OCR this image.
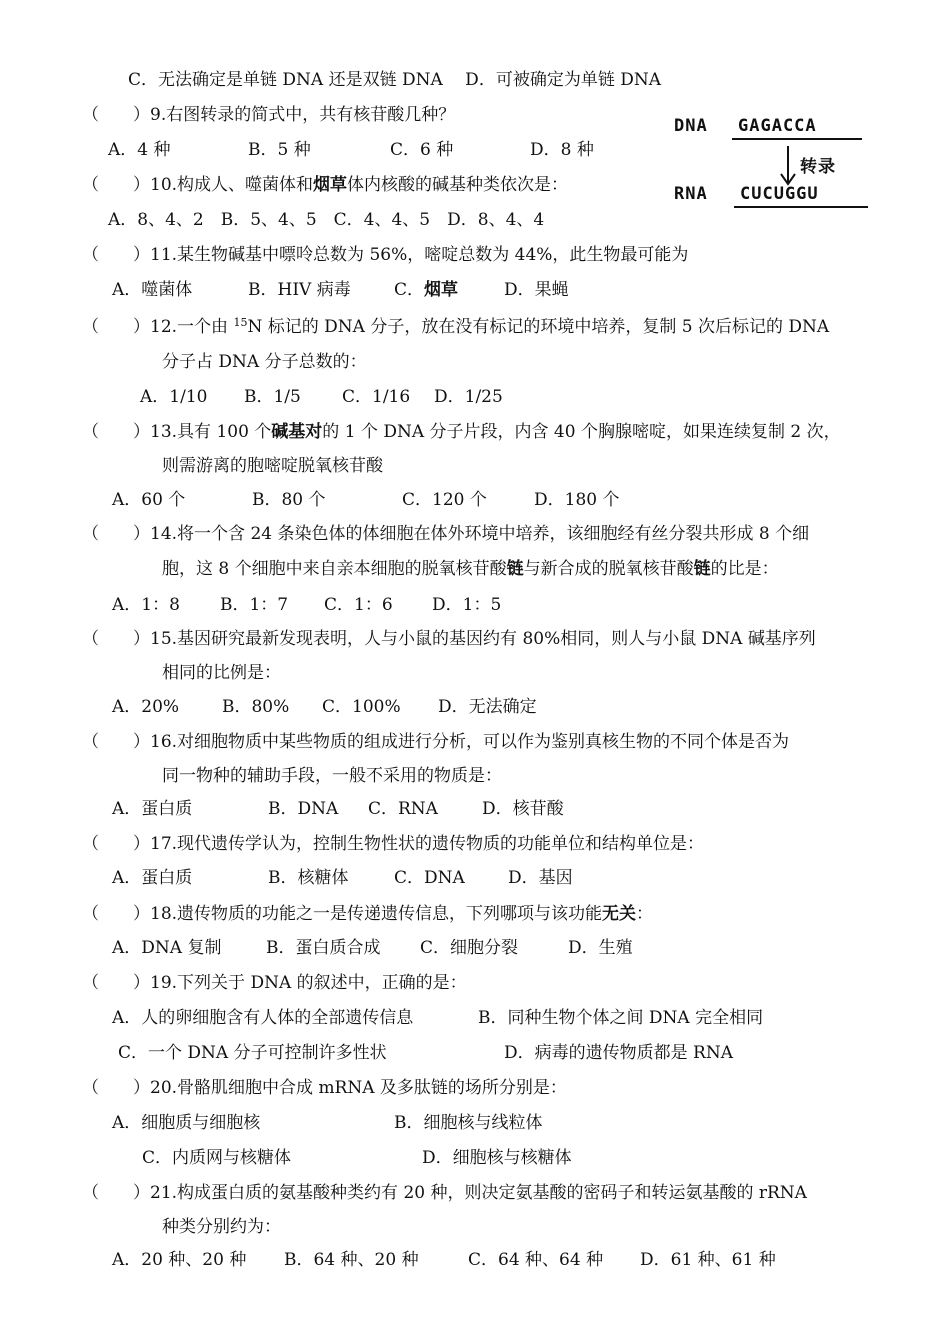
C．无法确定是单链 DNA 还是双链 DNA　 D．可被确定为单链 DNA
（　　）9.右图转录的简式中，共有核苷酸几种？
A．4 种	B．5 种	C．6 种	D．8 种
DNA GAGACCA
转录
RNA CUCUGGU
（　　）10.构成人、噬菌体和烟草体内核酸的碱基种类依次是：
A．8、4、2　B．5、4、5　C．4、4、5　D．8、4、4
（　　）11.某生物碱基中嘌呤总数为 56%，嘧啶总数为 44%，此生物最可能为
A．噬菌体	B．HIV 病毒	C．烟草	D．果蝇
（　　）12.一个由 $^{15}$N 标记的 DNA 分子，放在没有标记的环境中培养，复制 5 次后标记的 DNA
分子占 DNA 分子总数的：
A．1/10 B．1/5 C．1/16 D．1/25
（　　）13.具有 100 个碱基对的 1 个 DNA 分子片段，内含 40 个胸腺嘧啶，如果连续复制 2 次，
则需游离的胞嘧啶脱氧核苷酸
A．60 个	B．80 个	C．120 个	D．180 个
（　　）14.将一个含 24 条染色体的体细胞在体外环境中培养，该细胞经有丝分裂共形成 8 个细
胞，这 8 个细胞中来自亲本细胞的脱氧核苷酸链与新合成的脱氧核苷酸链的比是：
A．1：8 B．1：7 C．1：6 D．1：5
（　　）15.基因研究最新发现表明，人与小鼠的基因约有 80%相同，则人与小鼠 DNA 碱基序列
相同的比例是：
A．20%	B．80% C．100% D．无法确定
（　　）16.对细胞物质中某些物质的组成进行分析，可以作为鉴别真核生物的不同个体是否为
同一物种的辅助手段，一般不采用的物质是：
A．蛋白质	B．DNA C．RNA	D．核苷酸
（　　）17.现代遗传学认为，控制生物性状的遗传物质的功能单位和结构单位是：
A．蛋白质	B．核糖体	C．DNA	D．基因
（　　）18.遗传物质的功能之一是传递遗传信息，下列哪项与该功能无关：
A．DNA 复制	B．蛋白质合成 C．细胞分裂	D．生殖
（　　）19.下列关于 DNA 的叙述中，正确的是：
A．人的卵细胞含有人体的全部遗传信息	B．同种生物个体之间 DNA 完全相同
C．一个 DNA 分子可控制许多性状	D．病毒的遗传物质都是 RNA
（　　）20.骨骼肌细胞中合成 mRNA 及多肽链的场所分别是：
A．细胞质与细胞核	B．细胞核与线粒体
C．内质网与核糖体	D．细胞核与核糖体
（　　）21.构成蛋白质的氨基酸种类约有 20 种，则决定氨基酸的密码子和转运氨基酸的 rRNA
种类分别约为：
A．20 种、20 种 B．64 种、20 种	C．64 种、64 种 D．61 种、61 种
